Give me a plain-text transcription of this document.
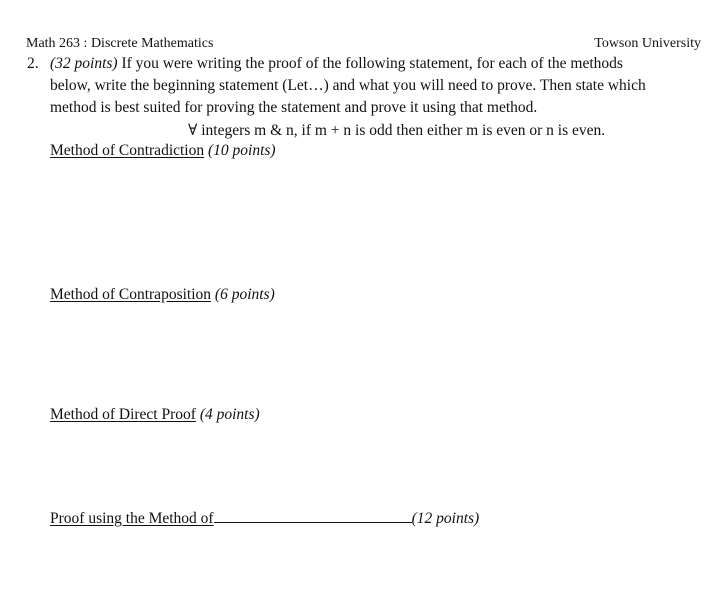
Math 263 : Discrete Mathematics	Towson University
2. (32 points) If you were writing the proof of the following statement, for each of the methods
below, write the beginning statement (Let…) and what you will need to prove. Then state which
method is best suited for proving the statement and prove it using that method.
∀ integers m & n, if m + n is odd then either m is even or n is even.
Method of Contradiction (10 points)
Method of Contraposition (6 points)
Method of Direct Proof (4 points)
Proof using the Method of	(12 points)
